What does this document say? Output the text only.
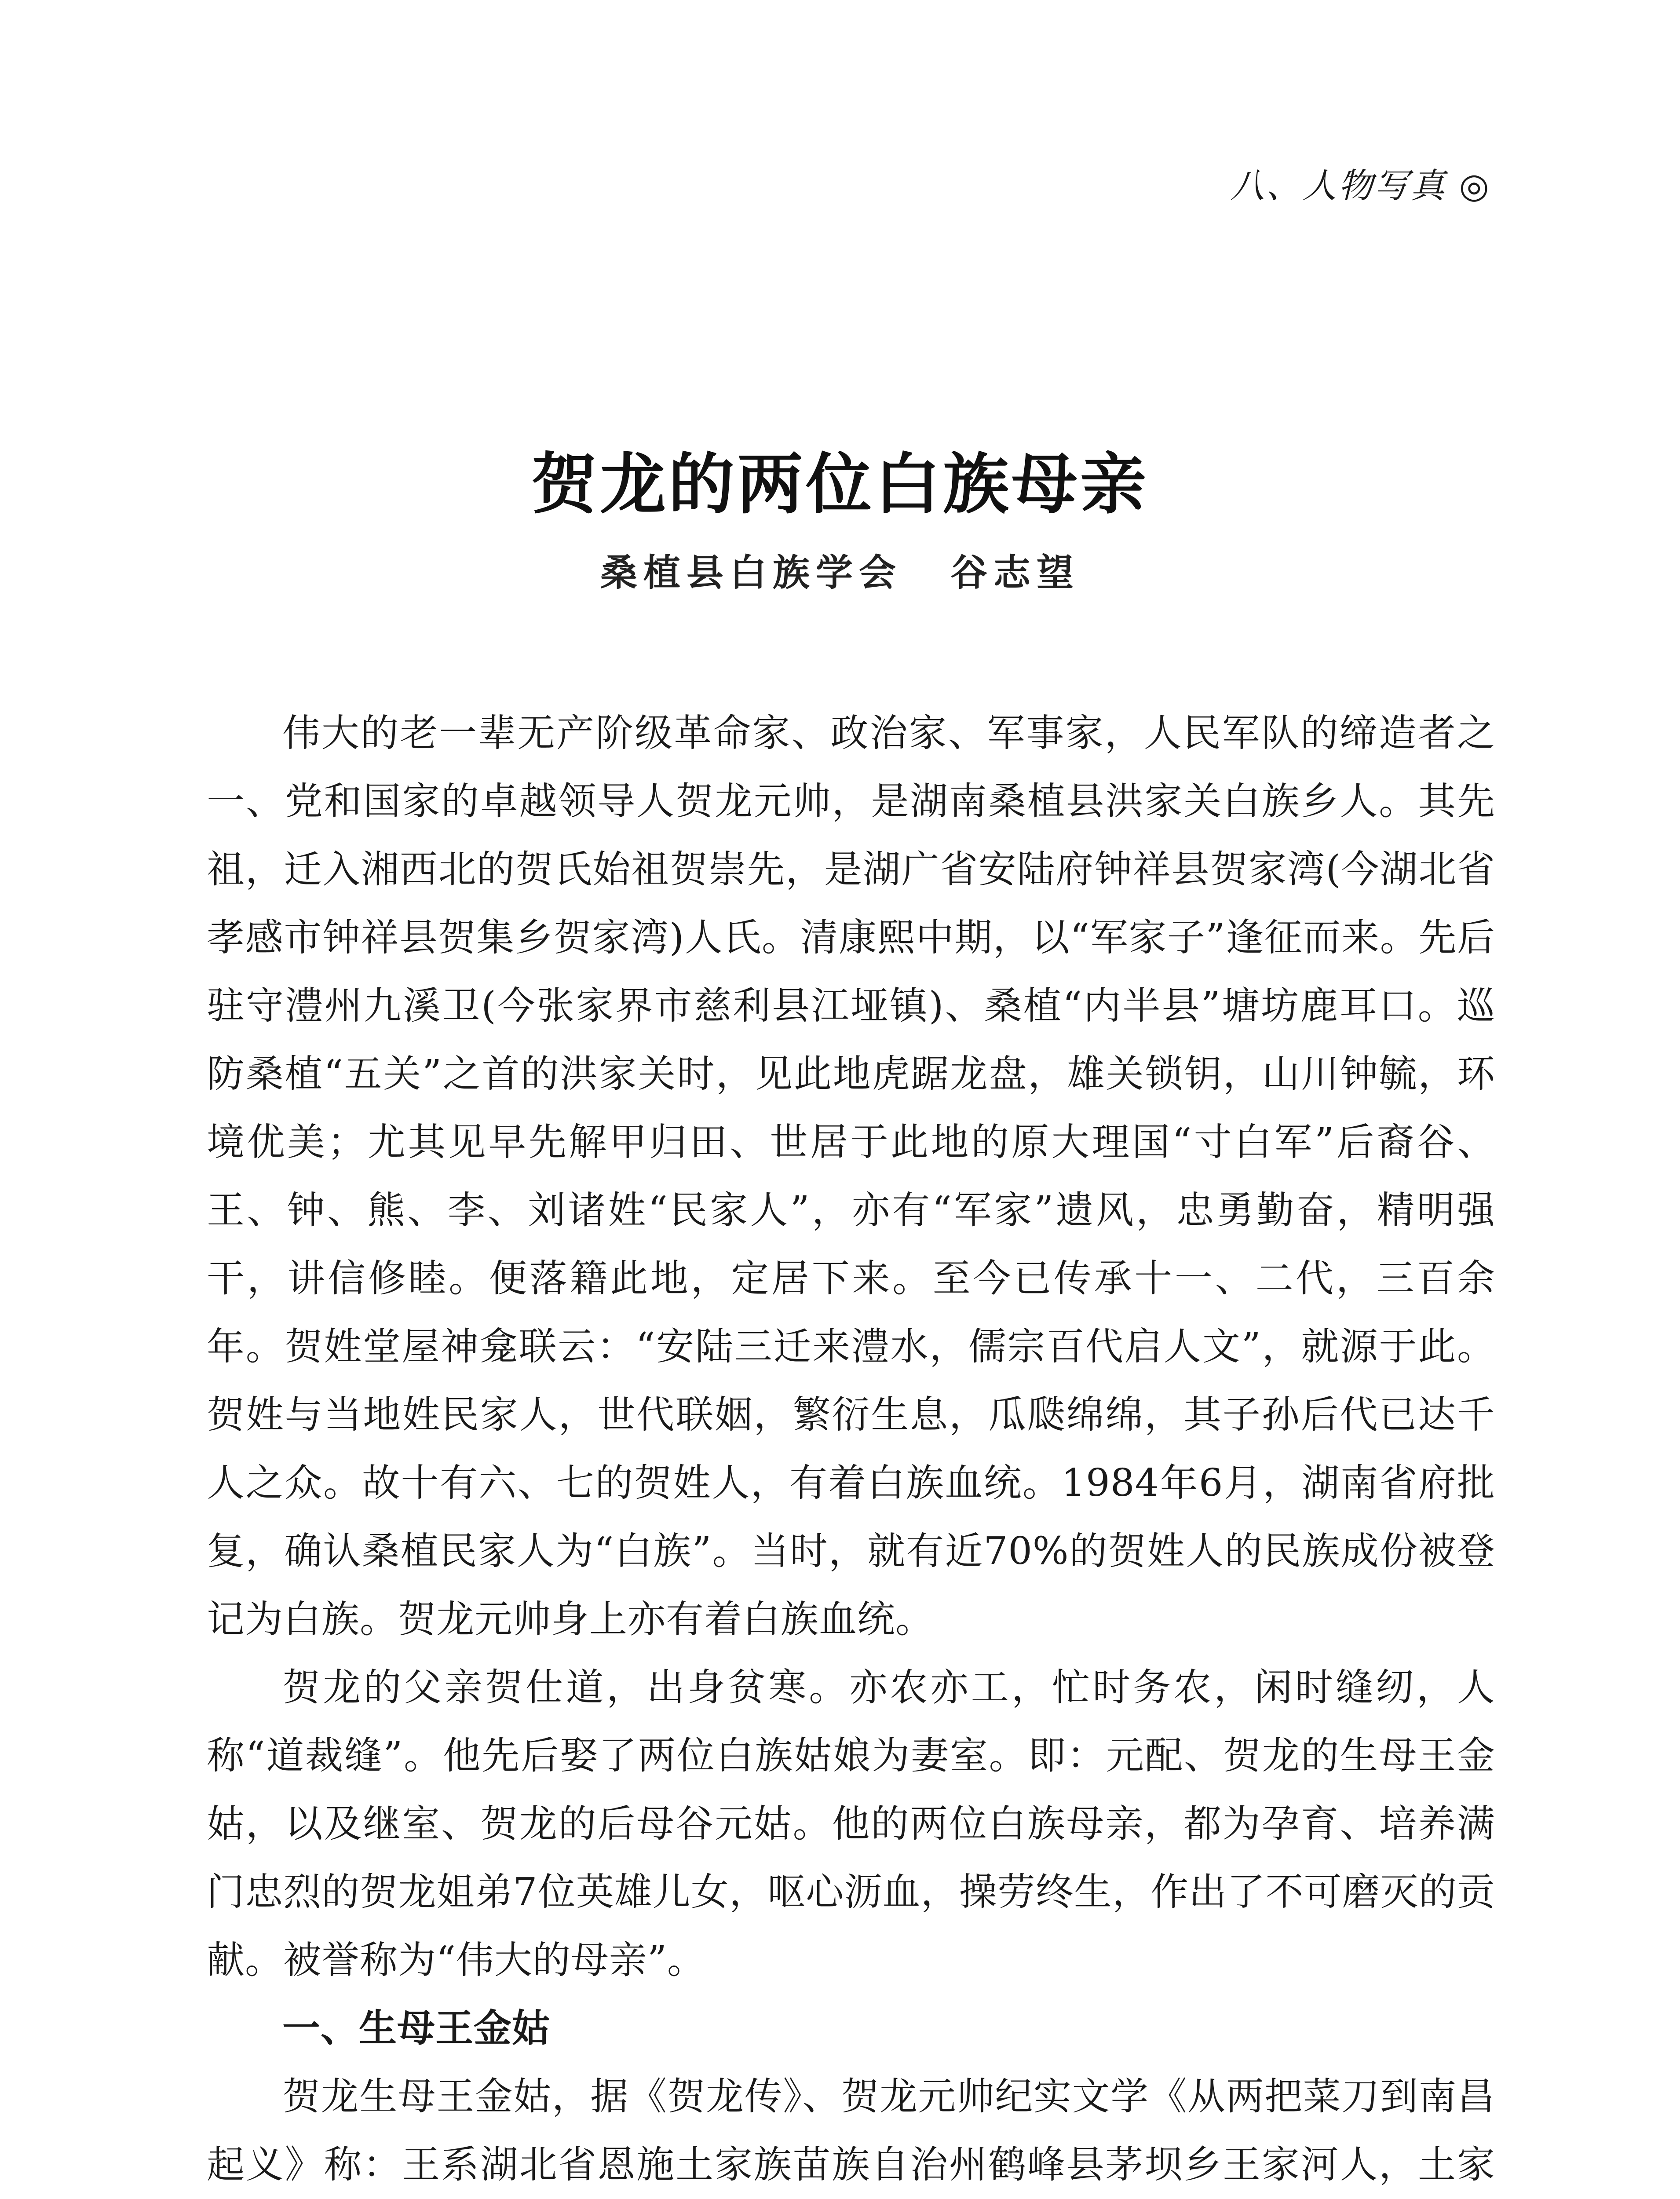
八、人物写真 ◎
贺龙的两位白族母亲
桑植县白族学会 谷志望

伟大的老一辈无产阶级革命家、政治家、军事家，人民军队的缔造者之一、党和国家的卓越领导人贺龙元帅，是湖南桑植县洪家关白族乡人。其先祖，迁入湘西北的贺氏始祖贺崇先，是湖广省安陆府钟祥县贺家湾(今湖北省孝感市钟祥县贺集乡贺家湾)人氏。清康熙中期，以“军家子”逢征而来。先后驻守澧州九溪卫(今张家界市慈利县江垭镇)、桑植“内半县”塘坊鹿耳口。巡防桑植“五关”之首的洪家关时，见此地虎踞龙盘，雄关锁钥，山川钟毓，环境优美；尤其见早先解甲归田、世居于此地的原大理国“寸白军”后裔谷、王、钟、熊、李、刘诸姓“民家人”，亦有“军家”遗风，忠勇勤奋，精明强干，讲信修睦。便落籍此地，定居下来。至今已传承十一、二代，三百余年。贺姓堂屋神龛联云：“安陆三迁来澧水，儒宗百代启人文”，就源于此。贺姓与当地姓民家人，世代联姻，繁衍生息，瓜瓞绵绵，其子孙后代已达千人之众。故十有六、七的贺姓人，有着白族血统。1984年6月，湖南省府批复，确认桑植民家人为“白族”。当时，就有近70%的贺姓人的民族成份被登记为白族。贺龙元帅身上亦有着白族血统。

贺龙的父亲贺仕道，出身贫寒。亦农亦工，忙时务农，闲时缝纫，人称“道裁缝”。他先后娶了两位白族姑娘为妻室。即：元配、贺龙的生母王金姑，以及继室、贺龙的后母谷元姑。他的两位白族母亲，都为孕育、培养满门忠烈的贺龙姐弟7位英雄儿女，呕心沥血，操劳终生，作出了不可磨灭的贡献。被誉称为“伟大的母亲”。

一、生母王金姑

贺龙生母王金姑，据《贺龙传》、贺龙元帅纪实文学《从两把菜刀到南昌起义》称：王系湖北省恩施土家族苗族自治州鹤峰县茅坝乡王家河人，土家
